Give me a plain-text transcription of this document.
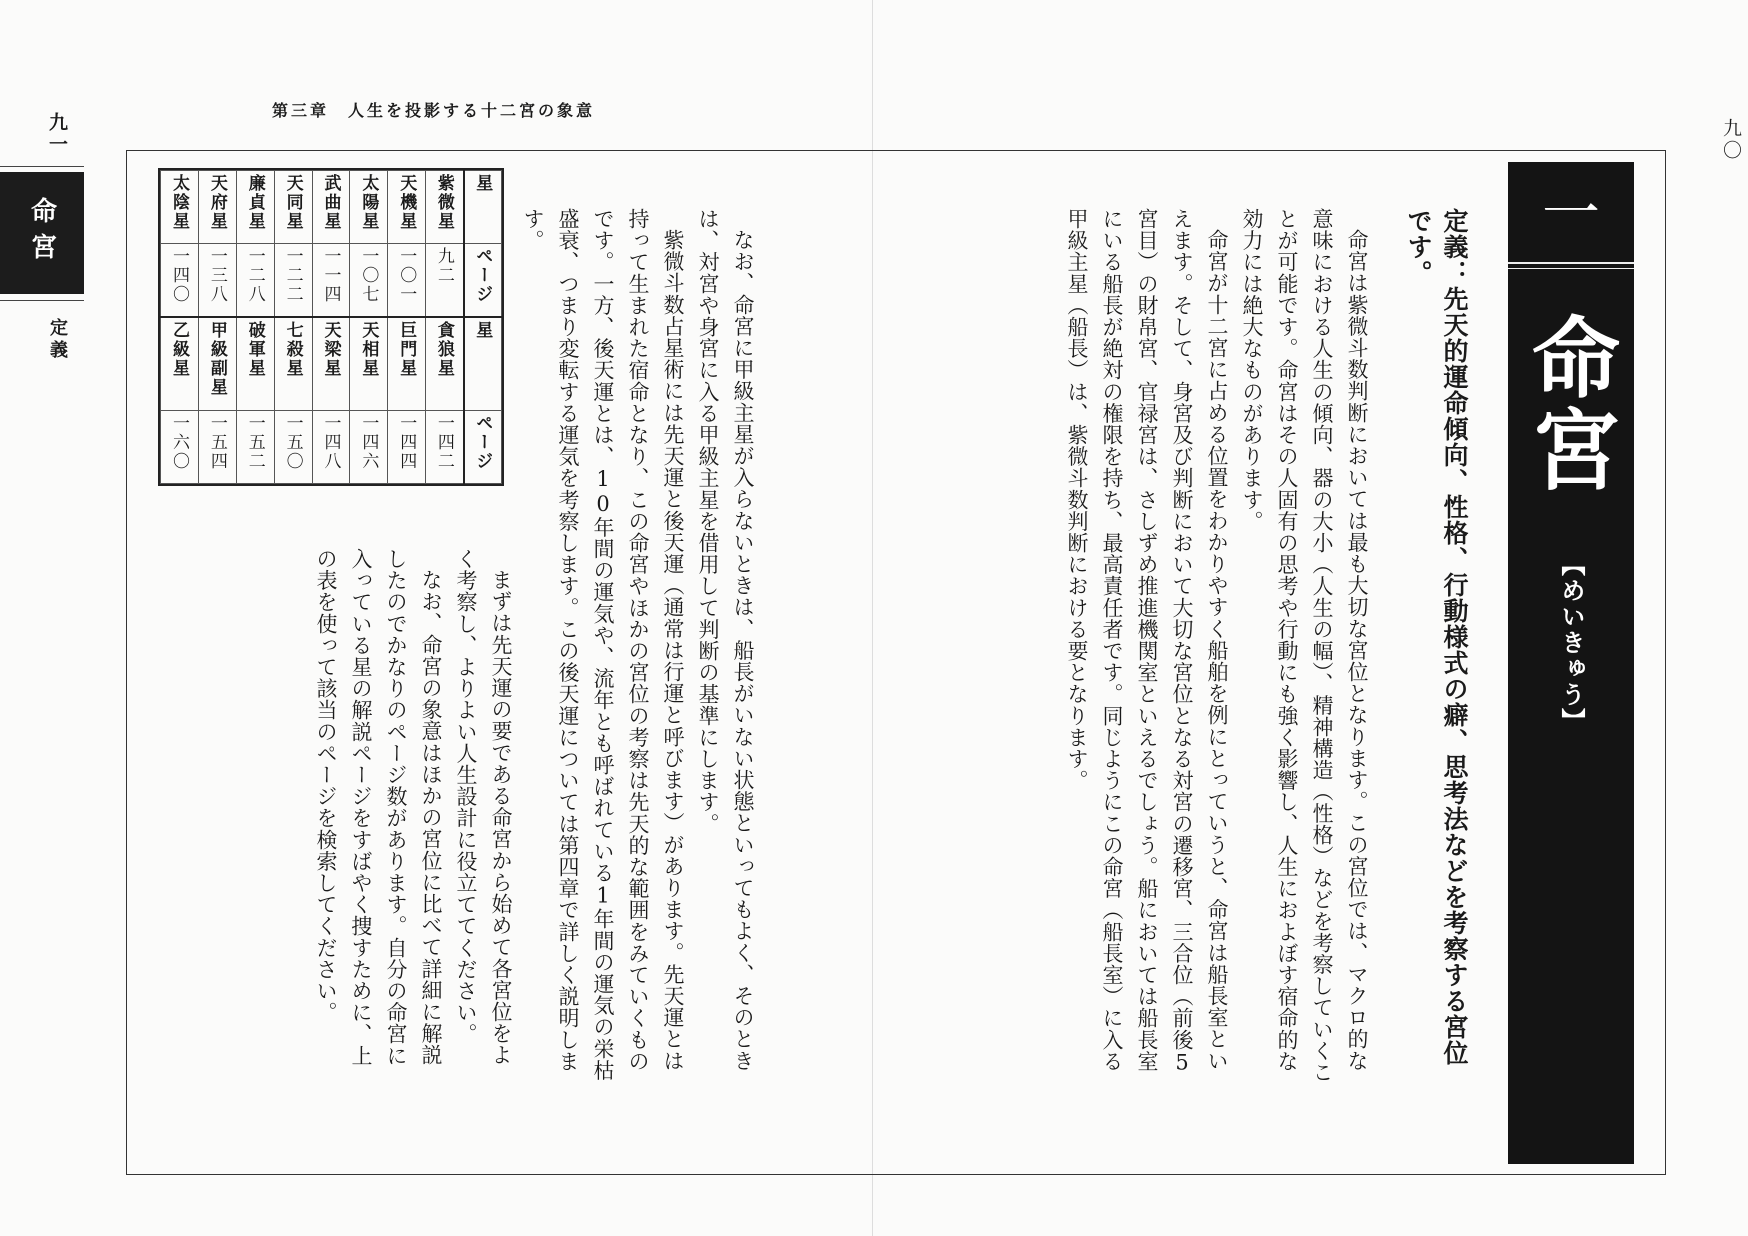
九一
命宮
定義
九〇
第三章　人生を投影する十二宮の象意
一
命宮
【めいきゅう】
定義：先天的運命傾向、性格、行動様式の癖、思考法などを考察する宮位です。

命宮は紫微斗数判断においては最も大切な宮位となります。この宮位では、マクロ的な意味における人生の傾向、器の大小（人生の幅）、精神構造（性格）などを考察していくことが可能です。命宮はその人固有の思考や行動にも強く影響し、人生におよぼす宿命的な効力には絶大なものがあります。

命宮が十二宮に占める位置をわかりやすく船舶を例にとっていうと、命宮は船長室といえます。そして、身宮及び判断において大切な宮位となる対宮の遷移宮、三合位（前後5宮目）の財帛宮、官禄宮は、さしずめ推進機関室といえるでしょう。船においては船長室にいる船長が絶対の権限を持ち、最高責任者です。同じようにこの命宮（船長室）に入る甲級主星（船長）は、紫微斗数判断における要となります。

なお、命宮に甲級主星が入らないときは、船長がいない状態といってもよく、そのときは、対宮や身宮に入る甲級主星を借用して判断の基準にします。

紫微斗数占星術には先天運と後天運（通常は行運と呼びます）があります。先天運とは持って生まれた宿命となり、この命宮やほかの宮位の考察は先天的な範囲をみていくものです。一方、後天運とは、10年間の運気や、流年とも呼ばれている1年間の運気の栄枯盛衰、つまり変転する運気を考察します。この後天運については第四章で詳しく説明します。

まずは先天運の要である命宮から始めて各宮位をよく考察し、よりよい人生設計に役立ててください。

なお、命宮の象意はほかの宮位に比べて詳細に解説したのでかなりのページ数があります。自分の命宮に入っている星の解説ページをすばやく捜すために、上の表を使って該当のページを検索してください。

太陰星	天府星	廉貞星	天同星	武曲星	太陽星	天機星	紫微星	星
一四〇	一三八	一二八	一二二	一一四	一〇七	一〇一	九二	ページ
乙級星	甲級副星	破軍星	七殺星	天梁星	天相星	巨門星	貪狼星	星
一六〇	一五四	一五二	一五〇	一四八	一四六	一四四	一四二	ページ
